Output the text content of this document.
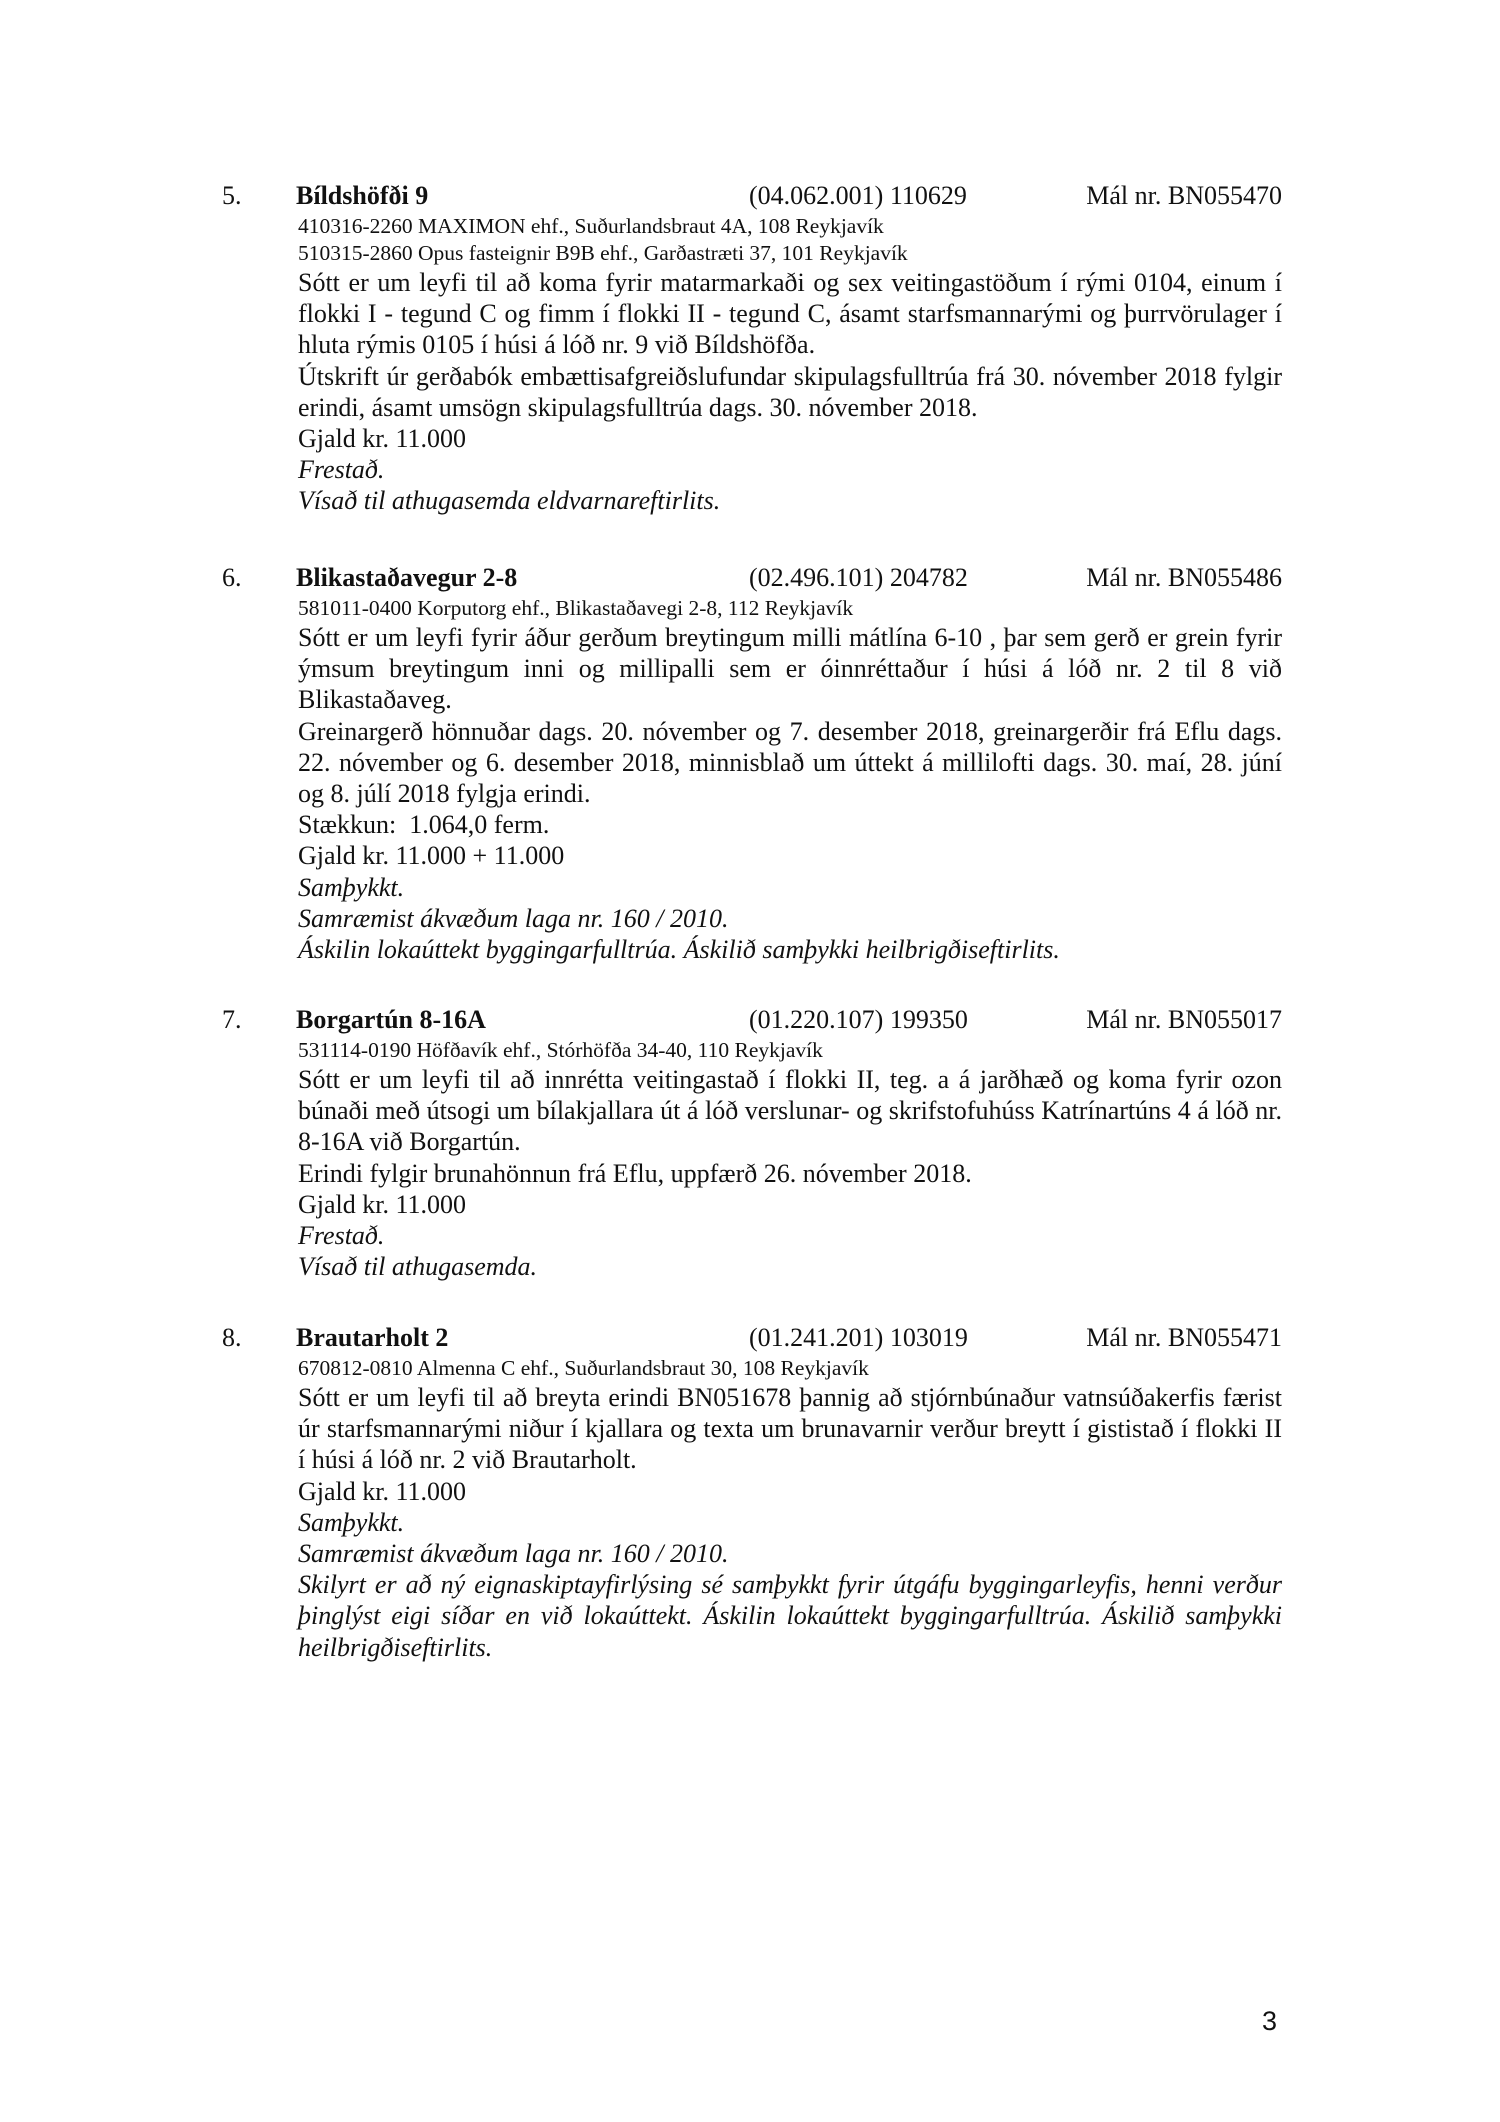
5. Bíldshöfði 9	(04.062.001) 110629	Mál nr. BN055470
410316-2260 MAXIMON ehf., Suðurlandsbraut 4A, 108 Reykjavík
510315-2860 Opus fasteignir B9B ehf., Garðastræti 37, 101 Reykjavík

Sótt er um leyfi til að koma fyrir matarmarkaði og sex veitingastöðum í rými 0104, einum í flokki I - tegund C og fimm í flokki II - tegund C, ásamt starfsmannarými og þurrvörulager í hluta rýmis 0105 í húsi á lóð nr. 9 við Bíldshöfða.

Útskrift úr gerðabók embættisafgreiðslufundar skipulagsfulltrúa frá 30. nóvember 2018 fylgir erindi, ásamt umsögn skipulagsfulltrúa dags. 30. nóvember 2018.

Gjald kr. 11.000

Frestað.

Vísað til athugasemda eldvarnareftirlits.

6. Blikastaðavegur 2-8	(02.496.101) 204782	Mál nr. BN055486
581011-0400 Korputorg ehf., Blikastaðavegi 2-8, 112 Reykjavík

Sótt er um leyfi fyrir áður gerðum breytingum milli mátlína 6-10 , þar sem gerð er grein fyrir ýmsum breytingum inni og millipalli sem er óinnréttaður í húsi á lóð nr. 2 til 8 við Blikastaðaveg.

Greinargerð hönnuðar dags. 20. nóvember og 7. desember 2018, greinargerðir frá Eflu dags. 22. nóvember og 6. desember 2018, minnisblað um úttekt á millilofti dags. 30. maí, 28. júní og 8. júlí 2018 fylgja erindi.

Stækkun:  1.064,0 ferm.

Gjald kr. 11.000 + 11.000

Samþykkt.

Samræmist ákvæðum laga nr. 160 / 2010.

Áskilin lokaúttekt byggingarfulltrúa. Áskilið samþykki heilbrigðiseftirlits.

7. Borgartún 8-16A	(01.220.107) 199350	Mál nr. BN055017
531114-0190 Höfðavík ehf., Stórhöfða 34-40, 110 Reykjavík

Sótt er um leyfi til að innrétta veitingastað í flokki II, teg. a á jarðhæð og koma fyrir ozon búnaði með útsogi um bílakjallara út á lóð verslunar- og skrifstofuhúss Katrínartúns 4 á lóð nr. 8-16A við Borgartún.

Erindi fylgir brunahönnun frá Eflu, uppfærð 26. nóvember 2018.

Gjald kr. 11.000

Frestað.

Vísað til athugasemda.

8. Brautarholt 2	(01.241.201) 103019	Mál nr. BN055471
670812-0810 Almenna C ehf., Suðurlandsbraut 30, 108 Reykjavík

Sótt er um leyfi til að breyta erindi BN051678 þannig að stjórnbúnaður vatnsúðakerfis færist úr starfsmannarými niður í kjallara og texta um brunavarnir verður breytt í gististað í flokki II í húsi á lóð nr. 2 við Brautarholt.

Gjald kr. 11.000

Samþykkt.

Samræmist ákvæðum laga nr. 160 / 2010.

Skilyrt er að ný eignaskiptayfirlýsing sé samþykkt fyrir útgáfu byggingarleyfis, henni verður þinglýst eigi síðar en við lokaúttekt. Áskilin lokaúttekt byggingarfulltrúa. Áskilið samþykki heilbrigðiseftirlits.

3
